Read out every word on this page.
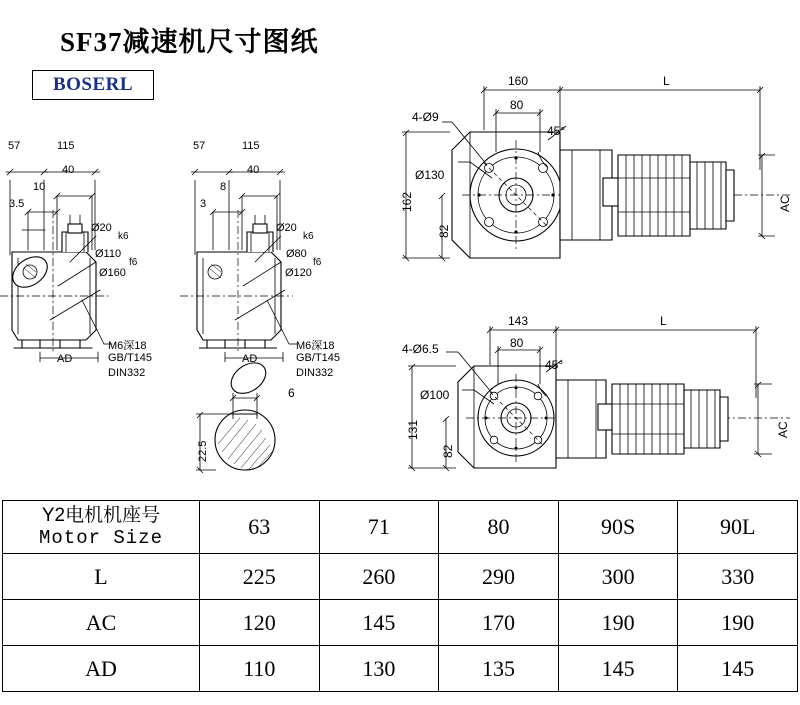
SF37减速机尺寸图纸
BOSERL
57	115
40
10
3.5
Ø20
k6
Ø110
f6
Ø160
AD
M6深18
GB/T145
DIN332
57	115
40
8
3
Ø20
k6
Ø80
f6
Ø120
AD
M6深18
GB/T145
DIN332
6
22.5
160
80
L
162
82
45°
4-Ø9
Ø130
AC
143
80
L
131
82
45°
4-Ø6.5
Ø100
AC
Y2电机机座号
Motor Size	63	71	80	90S	90L
L	225	260	290	300	330
AC	120	145	170	190	190
AD	110	130	135	145	145
